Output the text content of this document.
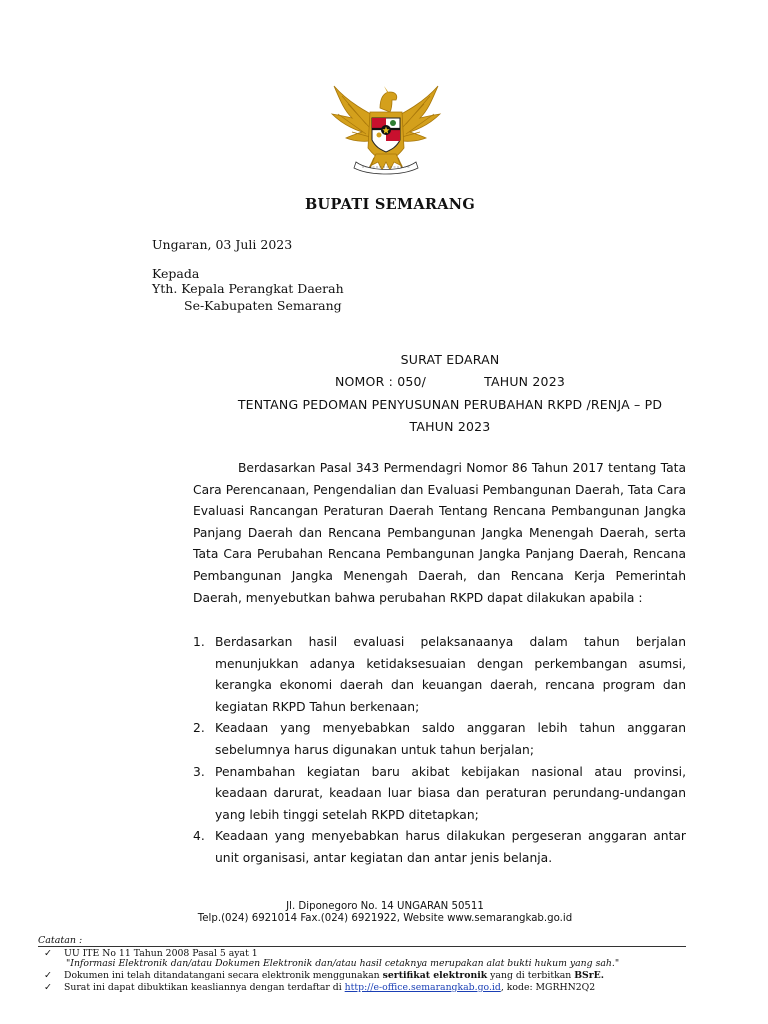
BUPATI SEMARANG
Ungaran, 03 Juli 2023
Kepada
Yth. Kepala Perangkat Daerah
Se-Kabupaten Semarang
SURAT EDARAN
NOMOR : 050/	TAHUN 2023
TENTANG PEDOMAN PENYUSUNAN PERUBAHAN RKPD /RENJA – PD
TAHUN 2023

Berdasarkan Pasal 343 Permendagri Nomor 86 Tahun 2017 tentang Tata Cara Perencanaan, Pengendalian dan Evaluasi Pembangunan Daerah, Tata Cara Evaluasi Rancangan Peraturan Daerah Tentang Rencana Pembangunan Jangka Panjang Daerah dan Rencana Pembangunan Jangka Menengah Daerah, serta Tata Cara Perubahan Rencana Pembangunan Jangka Panjang Daerah, Rencana Pembangunan Jangka Menengah Daerah, dan Rencana Kerja Pemerintah Daerah, menyebutkan bahwa perubahan RKPD dapat dilakukan apabila :

1. Berdasarkan hasil evaluasi pelaksanaanya dalam tahun berjalan menunjukkan adanya ketidaksesuaian dengan perkembangan asumsi, kerangka ekonomi daerah dan keuangan daerah, rencana program dan kegiatan RKPD Tahun berkenaan;
2. Keadaan yang menyebabkan saldo anggaran lebih tahun anggaran sebelumnya harus digunakan untuk tahun berjalan;
3. Penambahan kegiatan baru akibat kebijakan nasional atau provinsi, keadaan darurat, keadaan luar biasa dan peraturan perundang-undangan yang lebih tinggi setelah RKPD ditetapkan;
4. Keadaan yang menyebabkan harus dilakukan pergeseran anggaran antar unit organisasi, antar kegiatan dan antar jenis belanja.
Jl. Diponegoro No. 14 UNGARAN 50511
Telp.(024) 6921014 Fax.(024) 6921922, Website www.semarangkab.go.id
Catatan :
✓ UU ITE No 11 Tahun 2008 Pasal 5 ayat 1
"Informasi Elektronik dan/atau Dokumen Elektronik dan/atau hasil cetaknya merupakan alat bukti hukum yang sah."
✓ Dokumen ini telah ditandatangani secara elektronik menggunakan sertifikat elektronik yang di terbitkan BSrE.
✓ Surat ini dapat dibuktikan keasliannya dengan terdaftar di http://e-office.semarangkab.go.id, kode: MGRHN2Q2
